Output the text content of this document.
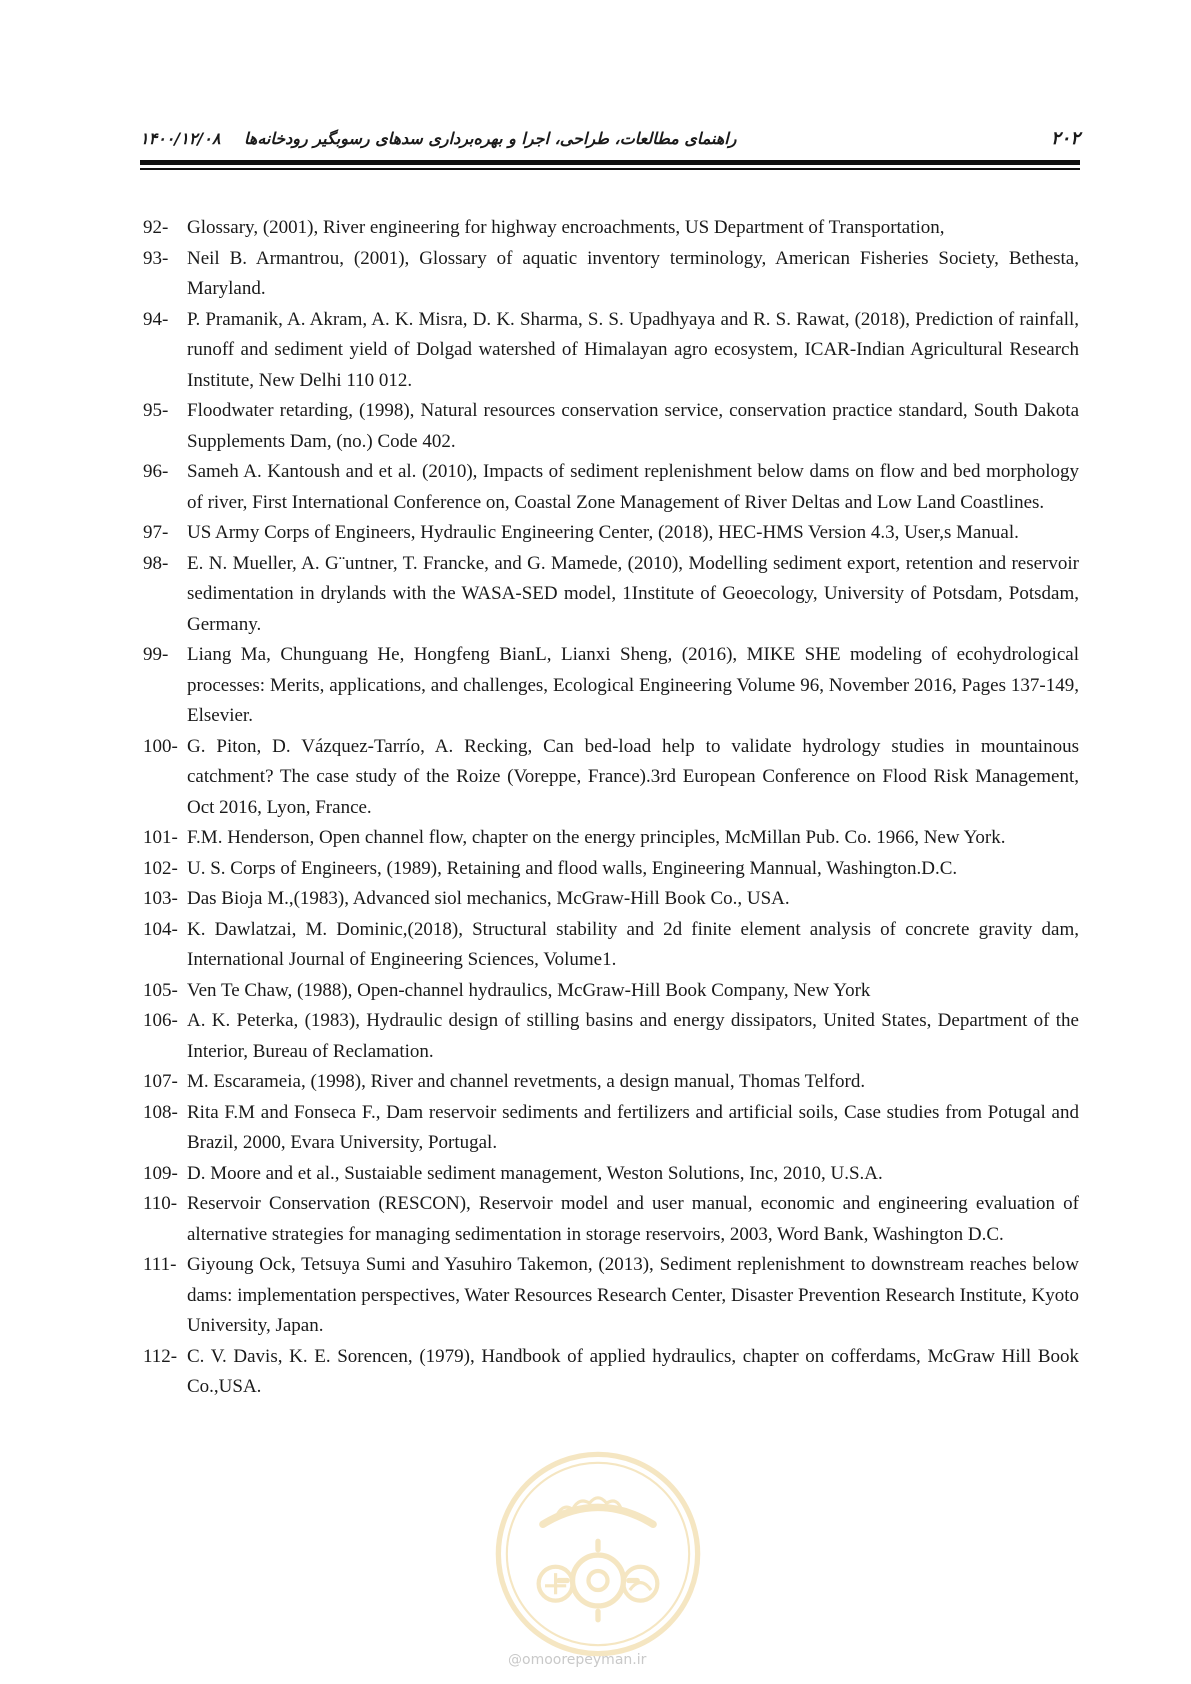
۲۰۲
راهنمای مطالعات، طراحی، اجرا و بهره‌برداری سدهای رسوبگیر رودخانه‌ها ۱۴۰۰/۱۲/۰۸
92- Glossary, (2001), River engineering for highway encroachments, US Department of Transportation,
93- Neil B. Armantrou, (2001), Glossary of aquatic inventory terminology, American Fisheries Society, Bethesta, Maryland.
94- P. Pramanik, A. Akram, A. K. Misra, D. K. Sharma, S. S. Upadhyaya and R. S. Rawat, (2018), Prediction of rainfall, runoff and sediment yield of Dolgad watershed of Himalayan agro ecosystem, ICAR-Indian Agricultural Research Institute, New Delhi 110 012.
95- Floodwater retarding, (1998), Natural resources conservation service, conservation practice standard, South Dakota Supplements Dam, (no.) Code 402.
96- Sameh A. Kantoush and et al. (2010), Impacts of sediment replenishment below dams on flow and bed morphology of river, First International Conference on, Coastal Zone Management of River Deltas and Low Land Coastlines.
97- US Army Corps of Engineers, Hydraulic Engineering Center, (2018), HEC-HMS Version 4.3, User,s Manual.
98- E. N. Mueller, A. G¨untner, T. Francke, and G. Mamede, (2010), Modelling sediment export, retention and reservoir sedimentation in drylands with the WASA-SED model, 1Institute of Geoecology, University of Potsdam, Potsdam, Germany.
99- Liang Ma, Chunguang He, Hongfeng BianL, Lianxi Sheng, (2016), MIKE SHE modeling of ecohydrological processes: Merits, applications, and challenges, Ecological Engineering Volume 96, November 2016, Pages 137-149, Elsevier.
100- G. Piton, D. Vázquez-Tarrío, A. Recking, Can bed-load help to validate hydrology studies in mountainous catchment? The case study of the Roize (Voreppe, France).3rd European Conference on Flood Risk Management, Oct 2016, Lyon, France.
101- F.M. Henderson, Open channel flow, chapter on the energy principles, McMillan Pub. Co. 1966, New York.
102- U. S. Corps of Engineers, (1989), Retaining and flood walls, Engineering Mannual, Washington.D.C.
103- Das Bioja M.,(1983), Advanced siol mechanics, McGraw-Hill Book Co., USA.
104- K. Dawlatzai, M. Dominic,(2018), Structural stability and 2d finite element analysis of concrete gravity dam, International Journal of Engineering Sciences, Volume1.
105- Ven Te Chaw, (1988), Open-channel hydraulics, McGraw-Hill Book Company, New York
106- A. K. Peterka, (1983), Hydraulic design of stilling basins and energy dissipators, United States, Department of the Interior, Bureau of Reclamation.
107- M. Escarameia, (1998), River and channel revetments, a design manual, Thomas Telford.
108- Rita F.M and Fonseca F., Dam reservoir sediments and fertilizers and artificial soils, Case studies from Potugal and Brazil, 2000, Evara University, Portugal.
109- D. Moore and et al., Sustaiable sediment management, Weston Solutions, Inc, 2010, U.S.A.
110- Reservoir Conservation (RESCON), Reservoir model and user manual, economic and engineering evaluation of alternative strategies for managing sedimentation in storage reservoirs, 2003, Word Bank, Washington D.C.
111- Giyoung Ock, Tetsuya Sumi and Yasuhiro Takemon, (2013), Sediment replenishment to downstream reaches below dams: implementation perspectives, Water Resources Research Center, Disaster Prevention Research Institute, Kyoto University, Japan.
112- C. V. Davis, K. E. Sorencen, (1979), Handbook of applied hydraulics, chapter on cofferdams, McGraw Hill Book Co.,USA.
@omoorepeyman.ir
